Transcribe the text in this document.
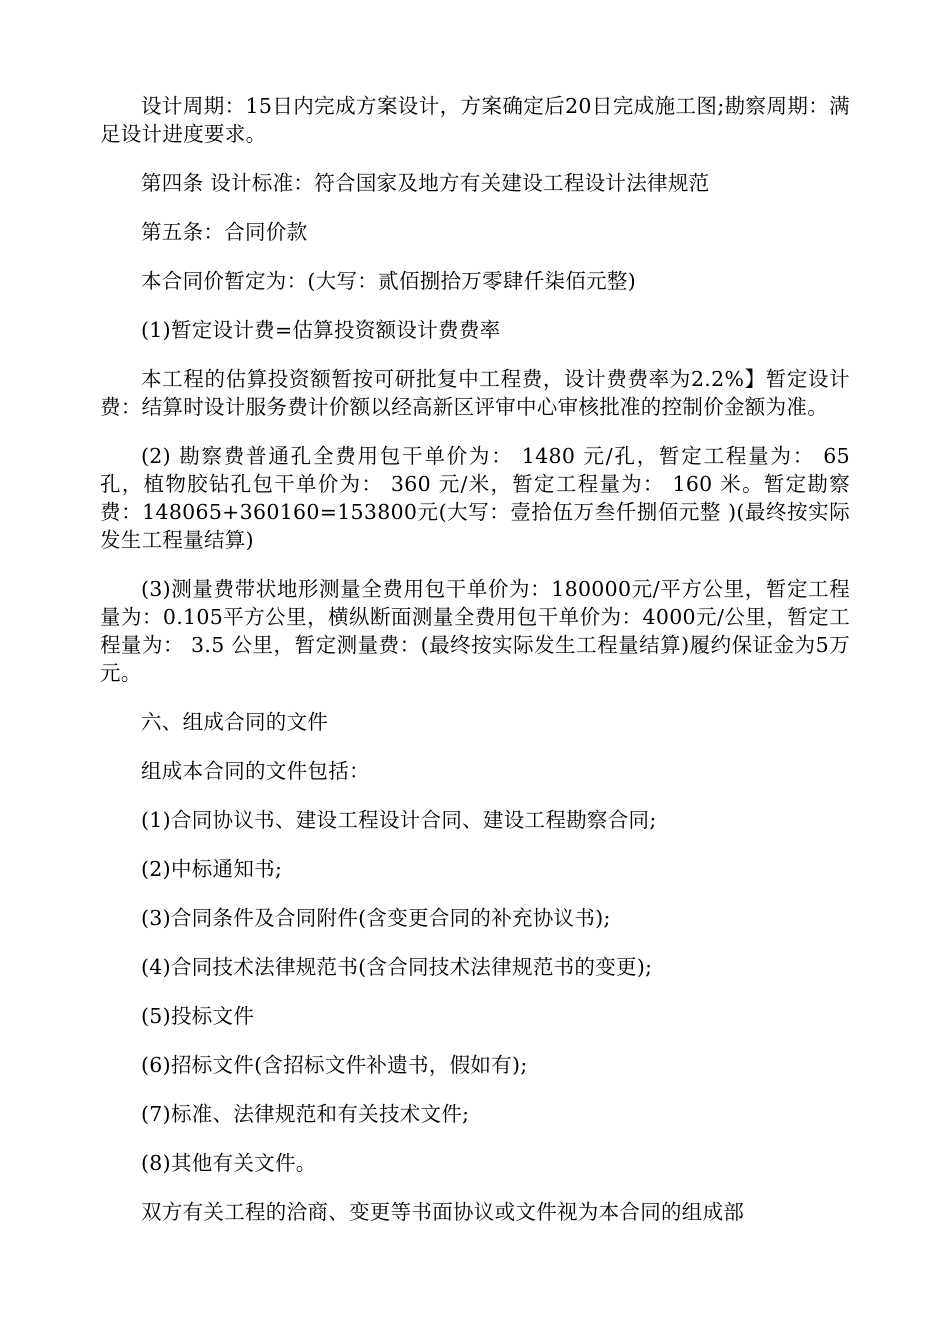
设计周期：15日内完成方案设计，方案确定后20日完成施工图;勘察周期：满足设计进度要求。

第四条 设计标准：符合国家及地方有关建设工程设计法律规范

第五条：合同价款

本合同价暂定为：(大写：贰佰捌拾万零肆仟柒佰元整)

(1)暂定设计费=估算投资额设计费费率

本工程的估算投资额暂按可研批复中工程费，设计费费率为2.2%】暂定设计费：结算时设计服务费计价额以经高新区评审中心审核批准的控制价金额为准。

(2) 勘察费普通孔全费用包干单价为： 1480 元/孔，暂定工程量为： 65 孔，植物胶钻孔包干单价为： 360 元/米，暂定工程量为： 160 米。暂定勘察费：148065+360160=153800元(大写：壹拾伍万叁仟捌佰元整 )(最终按实际发生工程量结算)

(3)测量费带状地形测量全费用包干单价为：180000元/平方公里，暂定工程量为：0.105平方公里，横纵断面测量全费用包干单价为：4000元/公里，暂定工程量为： 3.5 公里，暂定测量费：(最终按实际发生工程量结算)履约保证金为5万元。

六、组成合同的文件

组成本合同的文件包括：

(1)合同协议书、建设工程设计合同、建设工程勘察合同;

(2)中标通知书;

(3)合同条件及合同附件(含变更合同的补充协议书);

(4)合同技术法律规范书(含合同技术法律规范书的变更);

(5)投标文件

(6)招标文件(含招标文件补遗书，假如有);

(7)标准、法律规范和有关技术文件;

(8)其他有关文件。

双方有关工程的洽商、变更等书面协议或文件视为本合同的组成部
